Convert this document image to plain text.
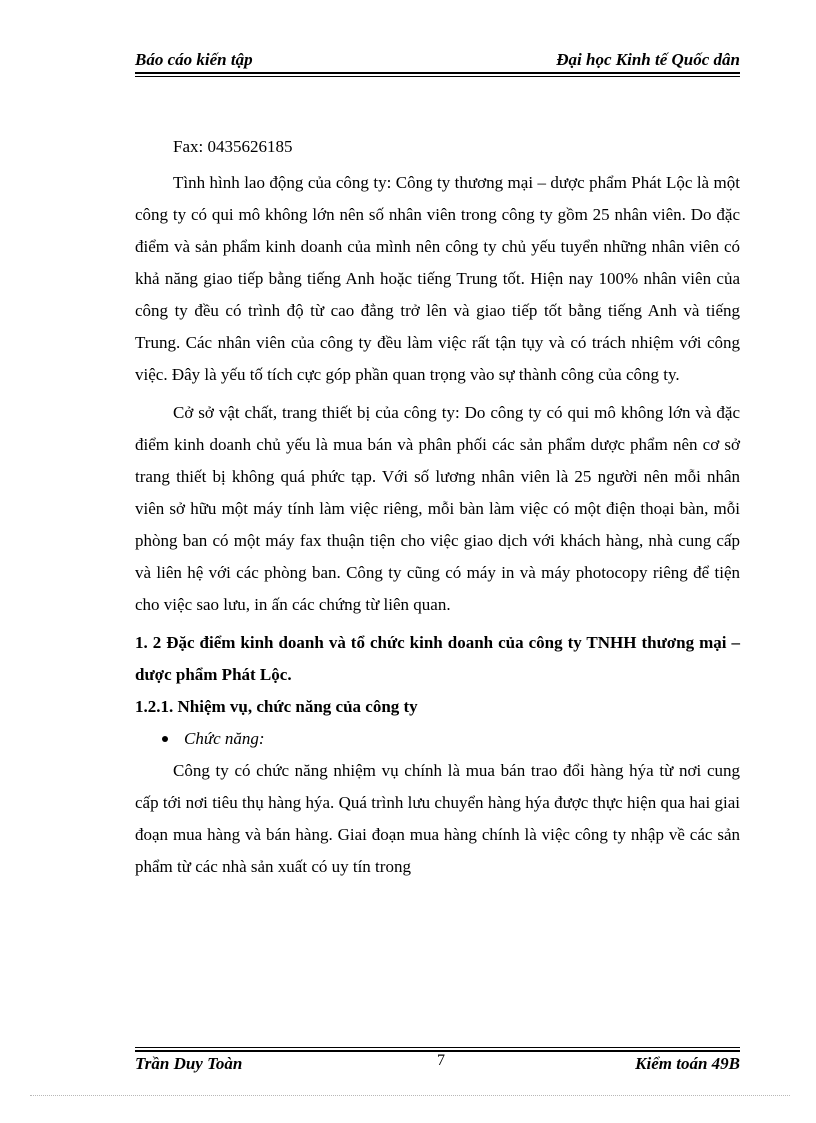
Báo cáo kiến tập	Đại học Kinh tế Quốc dân

Fax: 0435626185

Tình hình lao động của công ty: Công ty thương mại – dược phẩm Phát Lộc là một công ty có qui mô không lớn nên số nhân viên trong công ty gồm 25 nhân viên. Do đặc điểm và sản phẩm kinh doanh của mình nên công ty chủ yếu tuyển những nhân viên có khả năng giao tiếp bằng tiếng Anh hoặc tiếng Trung tốt. Hiện nay 100% nhân viên của công ty đều có trình độ từ cao đẳng trở lên và giao tiếp tốt bằng tiếng Anh và tiếng Trung. Các nhân viên của công ty đều làm việc rất tận tụy và có trách nhiệm với công việc. Đây là yếu tố tích cực góp phần quan trọng vào sự thành công của công ty.

Cở sở vật chất, trang thiết bị của công ty: Do công ty có qui mô không lớn và đặc điểm kinh doanh chủ yếu là mua bán và phân phối các sản phẩm dược phẩm nên cơ sở trang thiết bị không quá phức tạp. Với số lương nhân viên là 25 người nên mỗi nhân viên sở hữu một máy tính làm việc riêng, mỗi bàn làm việc có một điện thoại bàn, mỗi phòng ban có một máy fax thuận tiện cho việc giao dịch với khách hàng, nhà cung cấp và liên hệ với các phòng ban. Công ty cũng có máy in và máy photocopy riêng để tiện cho việc sao lưu, in ấn các chứng từ liên quan.

1. 2 Đặc điểm kinh doanh và tổ chức kinh doanh của công ty TNHH thương mại – dược phẩm Phát Lộc.
1.2.1. Nhiệm vụ, chức năng của công ty
Chức năng:

Công ty có chức năng nhiệm vụ chính là mua bán trao đổi hàng hýa từ nơi cung cấp tới nơi tiêu thụ hàng hýa. Quá trình lưu chuyển hàng hýa được thực hiện qua hai giai đoạn mua hàng và bán hàng. Giai đoạn mua hàng chính là việc công ty nhập về các sản phẩm từ các nhà sản xuất có uy tín trong

Trần Duy Toàn	7	Kiểm toán 49B
